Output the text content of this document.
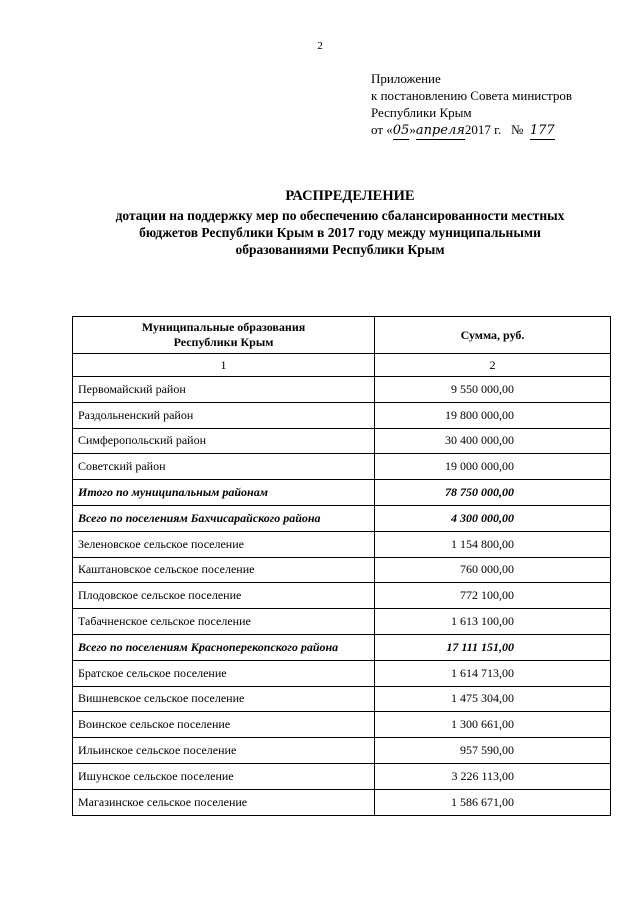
2
Приложение
к постановлению Совета министров
Республики Крым
от «05»апреля2017 г. № 177
РАСПРЕДЕЛЕНИЕ
дотации на поддержку мер по обеспечению сбалансированности местных
бюджетов Республики Крым в 2017 году между муниципальными
образованиями Республики Крым
Муниципальные образования
Республики Крым	Сумма, руб.
1	2
Первомайский район	9 550 000,00
Раздольненский район	19 800 000,00
Симферопольский район	30 400 000,00
Советский район	19 000 000,00
Итого по муниципальным районам	78 750 000,00
Всего по поселениям Бахчисарайского района	4 300 000,00
Зеленовское сельское поселение	1 154 800,00
Каштановское сельское поселение	760 000,00
Плодовское сельское поселение	772 100,00
Табачненское сельское поселение	1 613 100,00
Всего по поселениям Красноперекопского района	17 111 151,00
Братское сельское поселение	1 614 713,00
Вишневское сельское поселение	1 475 304,00
Воинское сельское поселение	1 300 661,00
Ильинское сельское поселение	957 590,00
Ишунское сельское поселение	3 226 113,00
Магазинское сельское поселение	1 586 671,00
